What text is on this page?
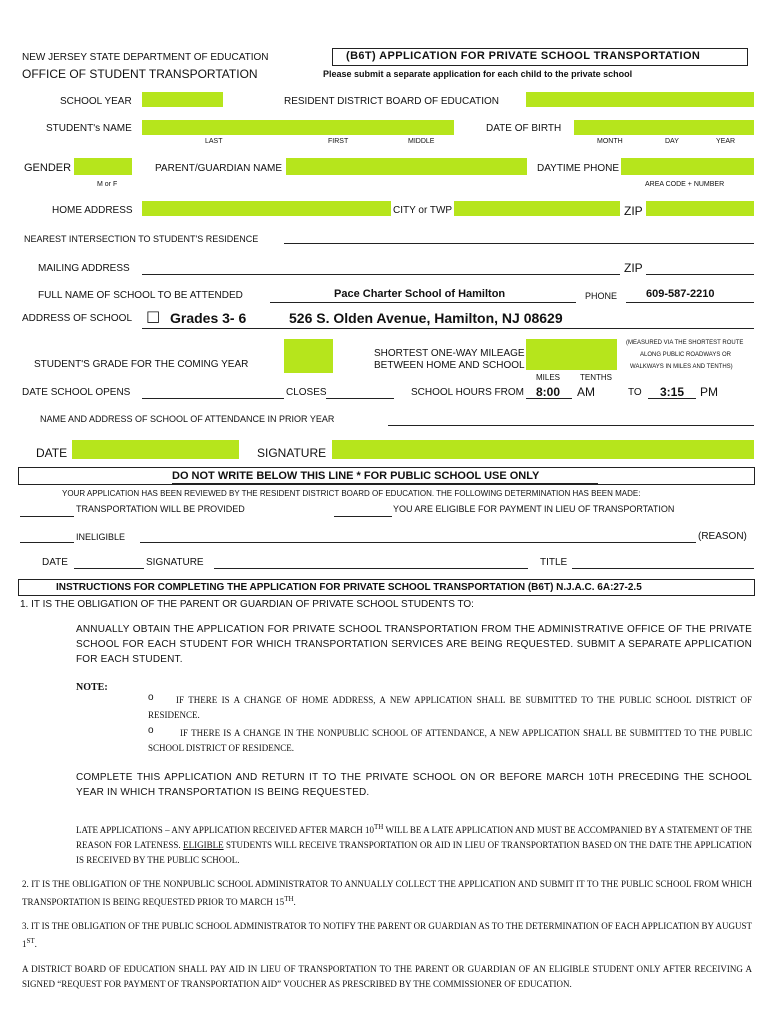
NEW JERSEY STATE DEPARTMENT OF EDUCATION
OFFICE OF STUDENT TRANSPORTATION
(B6T) APPLICATION FOR PRIVATE SCHOOL TRANSPORTATION
Please submit a separate application for each child to the private school
SCHOOL YEAR	RESIDENT DISTRICT BOARD OF EDUCATION
STUDENT's NAME
LAST	FIRST	MIDDLE
DATE OF BIRTH
MONTH	DAY	YEAR
GENDER
M or F
PARENT/GUARDIAN NAME	DAYTIME PHONE
AREA CODE + NUMBER
HOME ADDRESS	CITY or TWP	ZIP
NEAREST INTERSECTION TO STUDENT'S RESIDENCE
MAILING ADDRESS	ZIP
FULL NAME OF SCHOOL TO BE ATTENDED	Pace Charter School of Hamilton	PHONE	609-587-2210
ADDRESS OF SCHOOL □ Grades 3- 6	526 S. Olden Avenue, Hamilton, NJ 08629
STUDENT'S GRADE FOR THE COMING YEAR
SHORTEST ONE-WAY MILEAGE
BETWEEN HOME AND SCHOOL
MILES TENTHS
(MEASURED VIA THE SHORTEST ROUTE
ALONG PUBLIC ROADWAYS OR
WALKWAYS IN MILES AND TENTHS)
DATE SCHOOL OPENS	CLOSES	SCHOOL HOURS FROM 8:00 AM	TO 3:15 PM
NAME AND ADDRESS OF SCHOOL OF ATTENDANCE IN PRIOR YEAR
DATE	SIGNATURE
DO NOT WRITE BELOW THIS LINE * FOR PUBLIC SCHOOL USE ONLY
YOUR APPLICATION HAS BEEN REVIEWED BY THE RESIDENT DISTRICT BOARD OF EDUCATION. THE FOLLOWING DETERMINATION HAS BEEN MADE:
TRANSPORTATION WILL BE PROVIDED	YOU ARE ELIGIBLE FOR PAYMENT IN LIEU OF TRANSPORTATION
INELIGIBLE	(REASON)
DATE	SIGNATURE	TITLE
INSTRUCTIONS FOR COMPLETING THE APPLICATION FOR PRIVATE SCHOOL TRANSPORTATION (B6T) N.J.A.C. 6A:27-2.5
1. IT IS THE OBLIGATION OF THE PARENT OR GUARDIAN OF PRIVATE SCHOOL STUDENTS TO:
ANNUALLY OBTAIN THE APPLICATION FOR PRIVATE SCHOOL TRANSPORTATION FROM THE ADMINISTRATIVE OFFICE OF THE PRIVATE SCHOOL FOR EACH STUDENT FOR WHICH TRANSPORTATION SERVICES ARE BEING REQUESTED. SUBMIT A SEPARATE APPLICATION FOR EACH STUDENT.
NOTE:
o	IF THERE IS A CHANGE OF HOME ADDRESS, A NEW APPLICATION SHALL BE SUBMITTED TO THE PUBLIC SCHOOL DISTRICT OF RESIDENCE.
o	IF THERE IS A CHANGE IN THE NONPUBLIC SCHOOL OF ATTENDANCE, A NEW APPLICATION SHALL BE SUBMITTED TO THE PUBLIC SCHOOL DISTRICT OF RESIDENCE.
COMPLETE THIS APPLICATION AND RETURN IT TO THE PRIVATE SCHOOL ON OR BEFORE MARCH 10TH PRECEDING THE SCHOOL YEAR IN WHICH TRANSPORTATION IS BEING REQUESTED.
LATE APPLICATIONS – ANY APPLICATION RECEIVED AFTER MARCH 10TH WILL BE A LATE APPLICATION AND MUST BE ACCOMPANIED BY A STATEMENT OF THE REASON FOR LATENESS. ELIGIBLE STUDENTS WILL RECEIVE TRANSPORTATION OR AID IN LIEU OF TRANSPORTATION BASED ON THE DATE THE APPLICATION IS RECEIVED BY THE PUBLIC SCHOOL.
2. IT IS THE OBLIGATION OF THE NONPUBLIC SCHOOL ADMINISTRATOR TO ANNUALLY COLLECT THE APPLICATION AND SUBMIT IT TO THE PUBLIC SCHOOL FROM WHICH TRANSPORTATION IS BEING REQUESTED PRIOR TO MARCH 15TH.
3. IT IS THE OBLIGATION OF THE PUBLIC SCHOOL ADMINISTRATOR TO NOTIFY THE PARENT OR GUARDIAN AS TO THE DETERMINATION OF EACH APPLICATION BY AUGUST 1ST.
A DISTRICT BOARD OF EDUCATION SHALL PAY AID IN LIEU OF TRANSPORTATION TO THE PARENT OR GUARDIAN OF AN ELIGIBLE STUDENT ONLY AFTER RECEIVING A SIGNED “REQUEST FOR PAYMENT OF TRANSPORTATION AID” VOUCHER AS PRESCRIBED BY THE COMMISSIONER OF EDUCATION.
